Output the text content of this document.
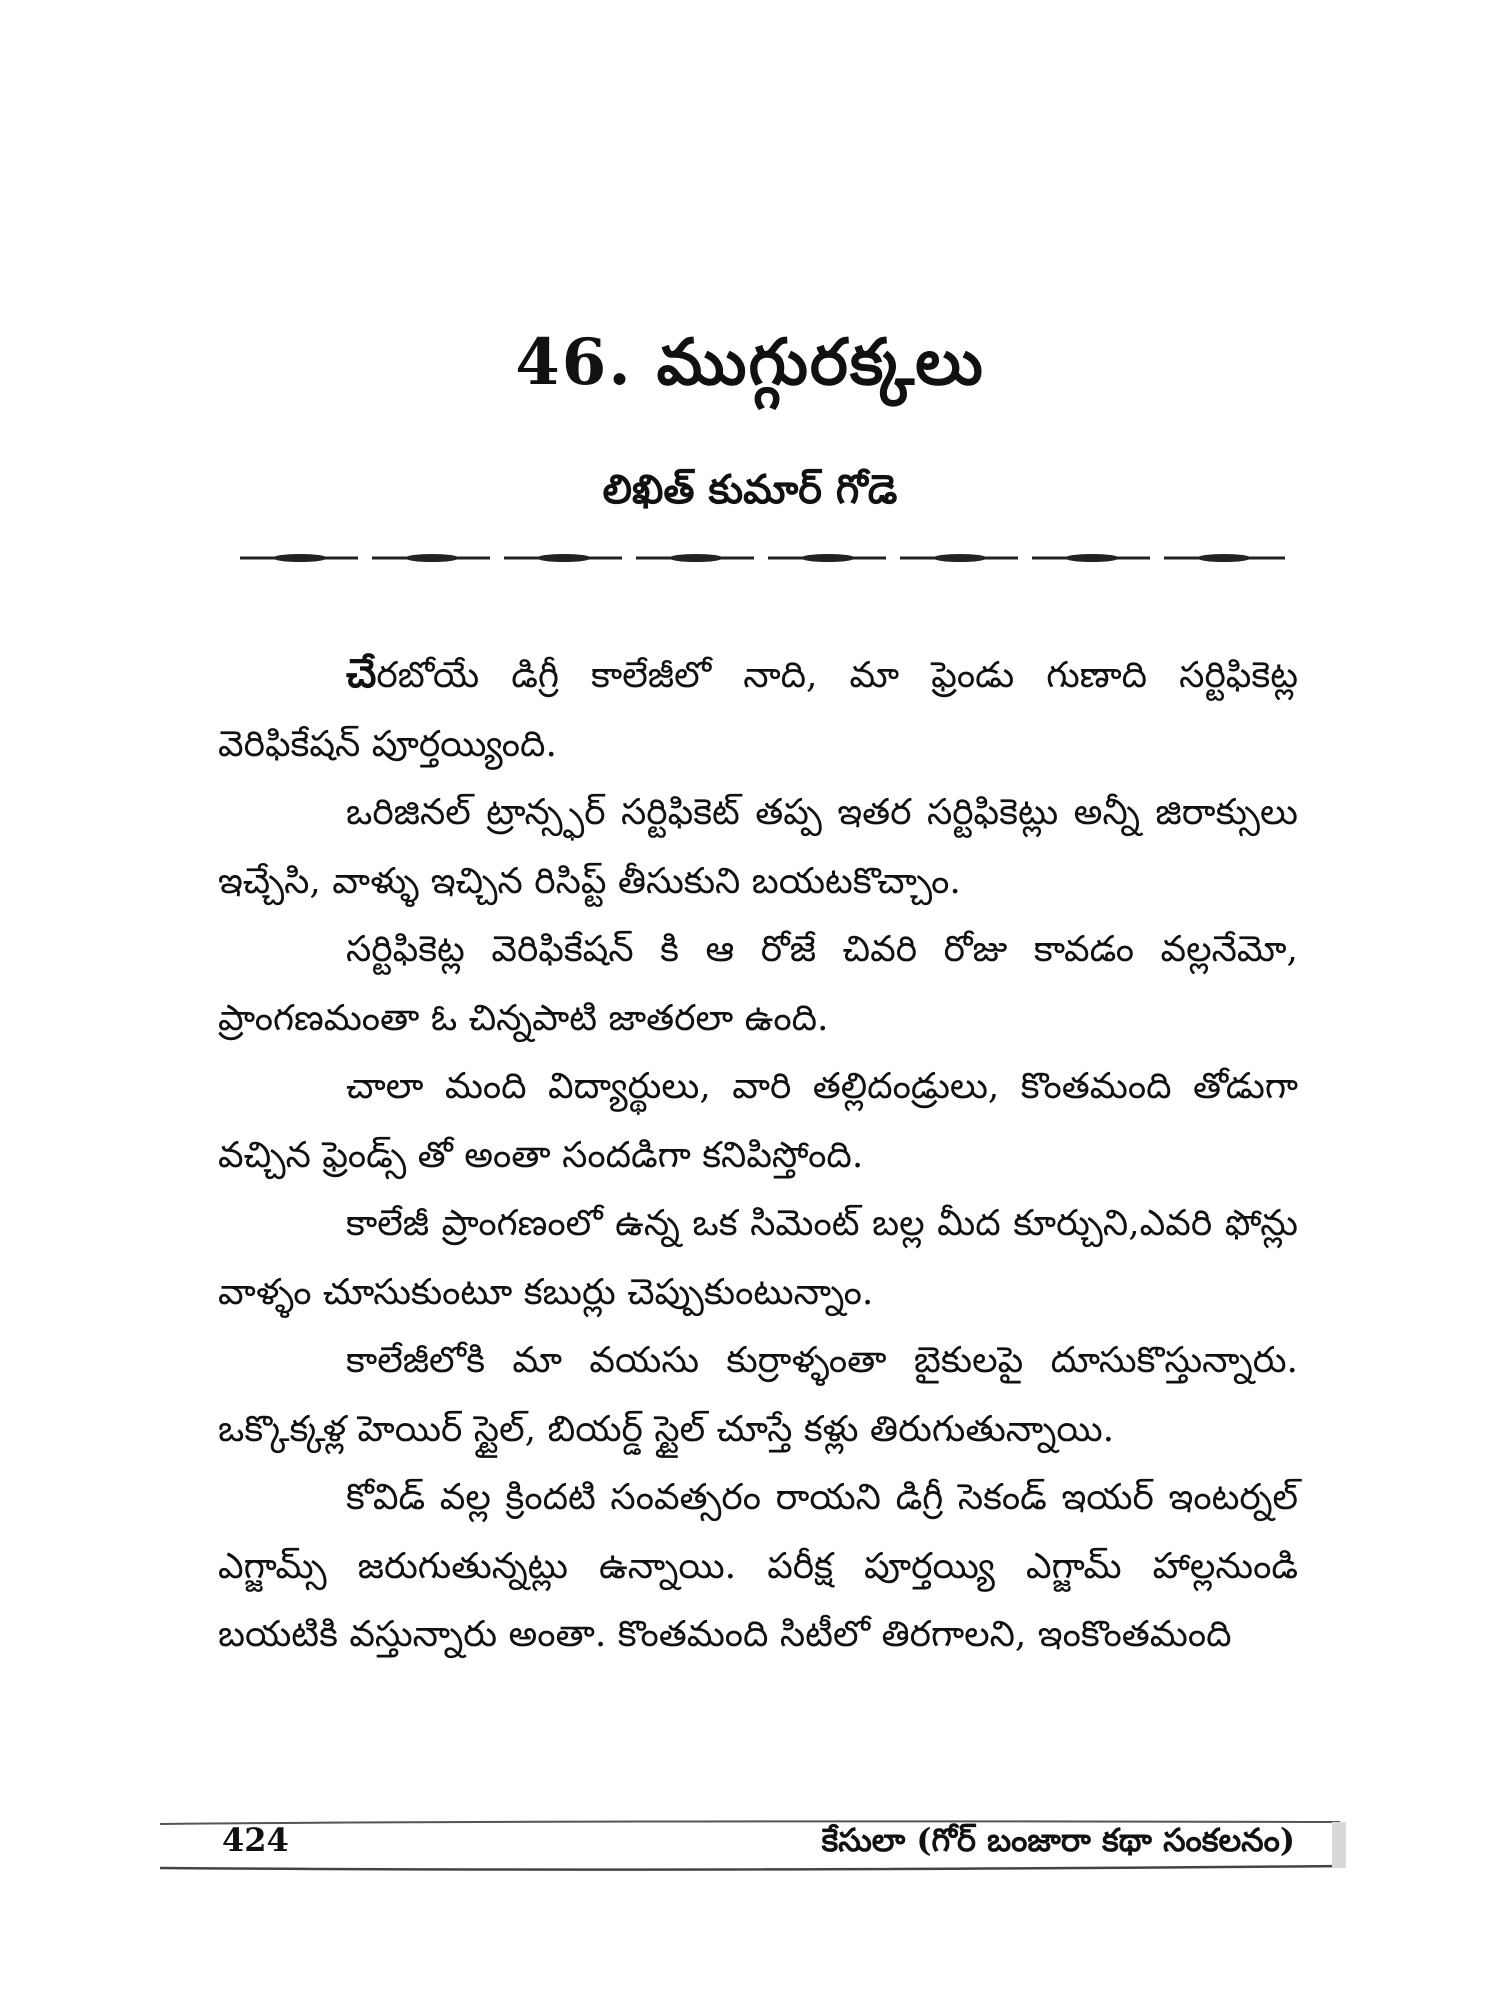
46. ముగ్గురక్కలు
లిఖిత్ కుమార్ గోడె

చేరబోయే డిగ్రీ కాలేజీలో నాది, మా ఫ్రెండు గుణాది సర్టిఫికెట్ల వెరిఫికేషన్ పూర్తయ్యింది.

ఒరిజినల్ ట్రాన్స్ఫర్ సర్టిఫికెట్ తప్ప ఇతర సర్టిఫికెట్లు అన్నీ జిరాక్సులు ఇచ్చేసి, వాళ్ళు ఇచ్చిన రిసిప్ట్ తీసుకుని బయటకొచ్చాం.

సర్టిఫికెట్ల వెరిఫికేషన్ కి ఆ రోజే చివరి రోజు కావడం వల్లనేమో, ప్రాంగణమంతా ఓ చిన్నపాటి జాతరలా ఉంది.

చాలా మంది విద్యార్థులు, వారి తల్లిదండ్రులు, కొంతమంది తోడుగా వచ్చిన ఫ్రెండ్స్ తో అంతా సందడిగా కనిపిస్తోంది.

కాలేజీ ప్రాంగణంలో ఉన్న ఒక సిమెంట్ బల్ల మీద కూర్చుని,ఎవరి ఫోన్లు వాళ్ళం చూసుకుంటూ కబుర్లు చెప్పుకుంటున్నాం.

కాలేజీలోకి మా వయసు కుర్రాళ్ళంతా బైకులపై దూసుకొస్తున్నారు. ఒక్కొక్కళ్ల హెయిర్ స్టైల్, బియర్డ్ స్టైల్ చూస్తే కళ్లు తిరుగుతున్నాయి.

కోవిడ్ వల్ల క్రిందటి సంవత్సరం రాయని డిగ్రీ సెకండ్ ఇయర్ ఇంటర్నల్ ఎగ్జామ్స్ జరుగుతున్నట్లు ఉన్నాయి. పరీక్ష పూర్తయ్యి ఎగ్జామ్ హాల్లనుండి బయటికి వస్తున్నారు అంతా. కొంతమంది సిటీలో తిరగాలని, ఇంకొంతమంది

424	కేసులా (గోర్ బంజారా కథా సంకలనం)
